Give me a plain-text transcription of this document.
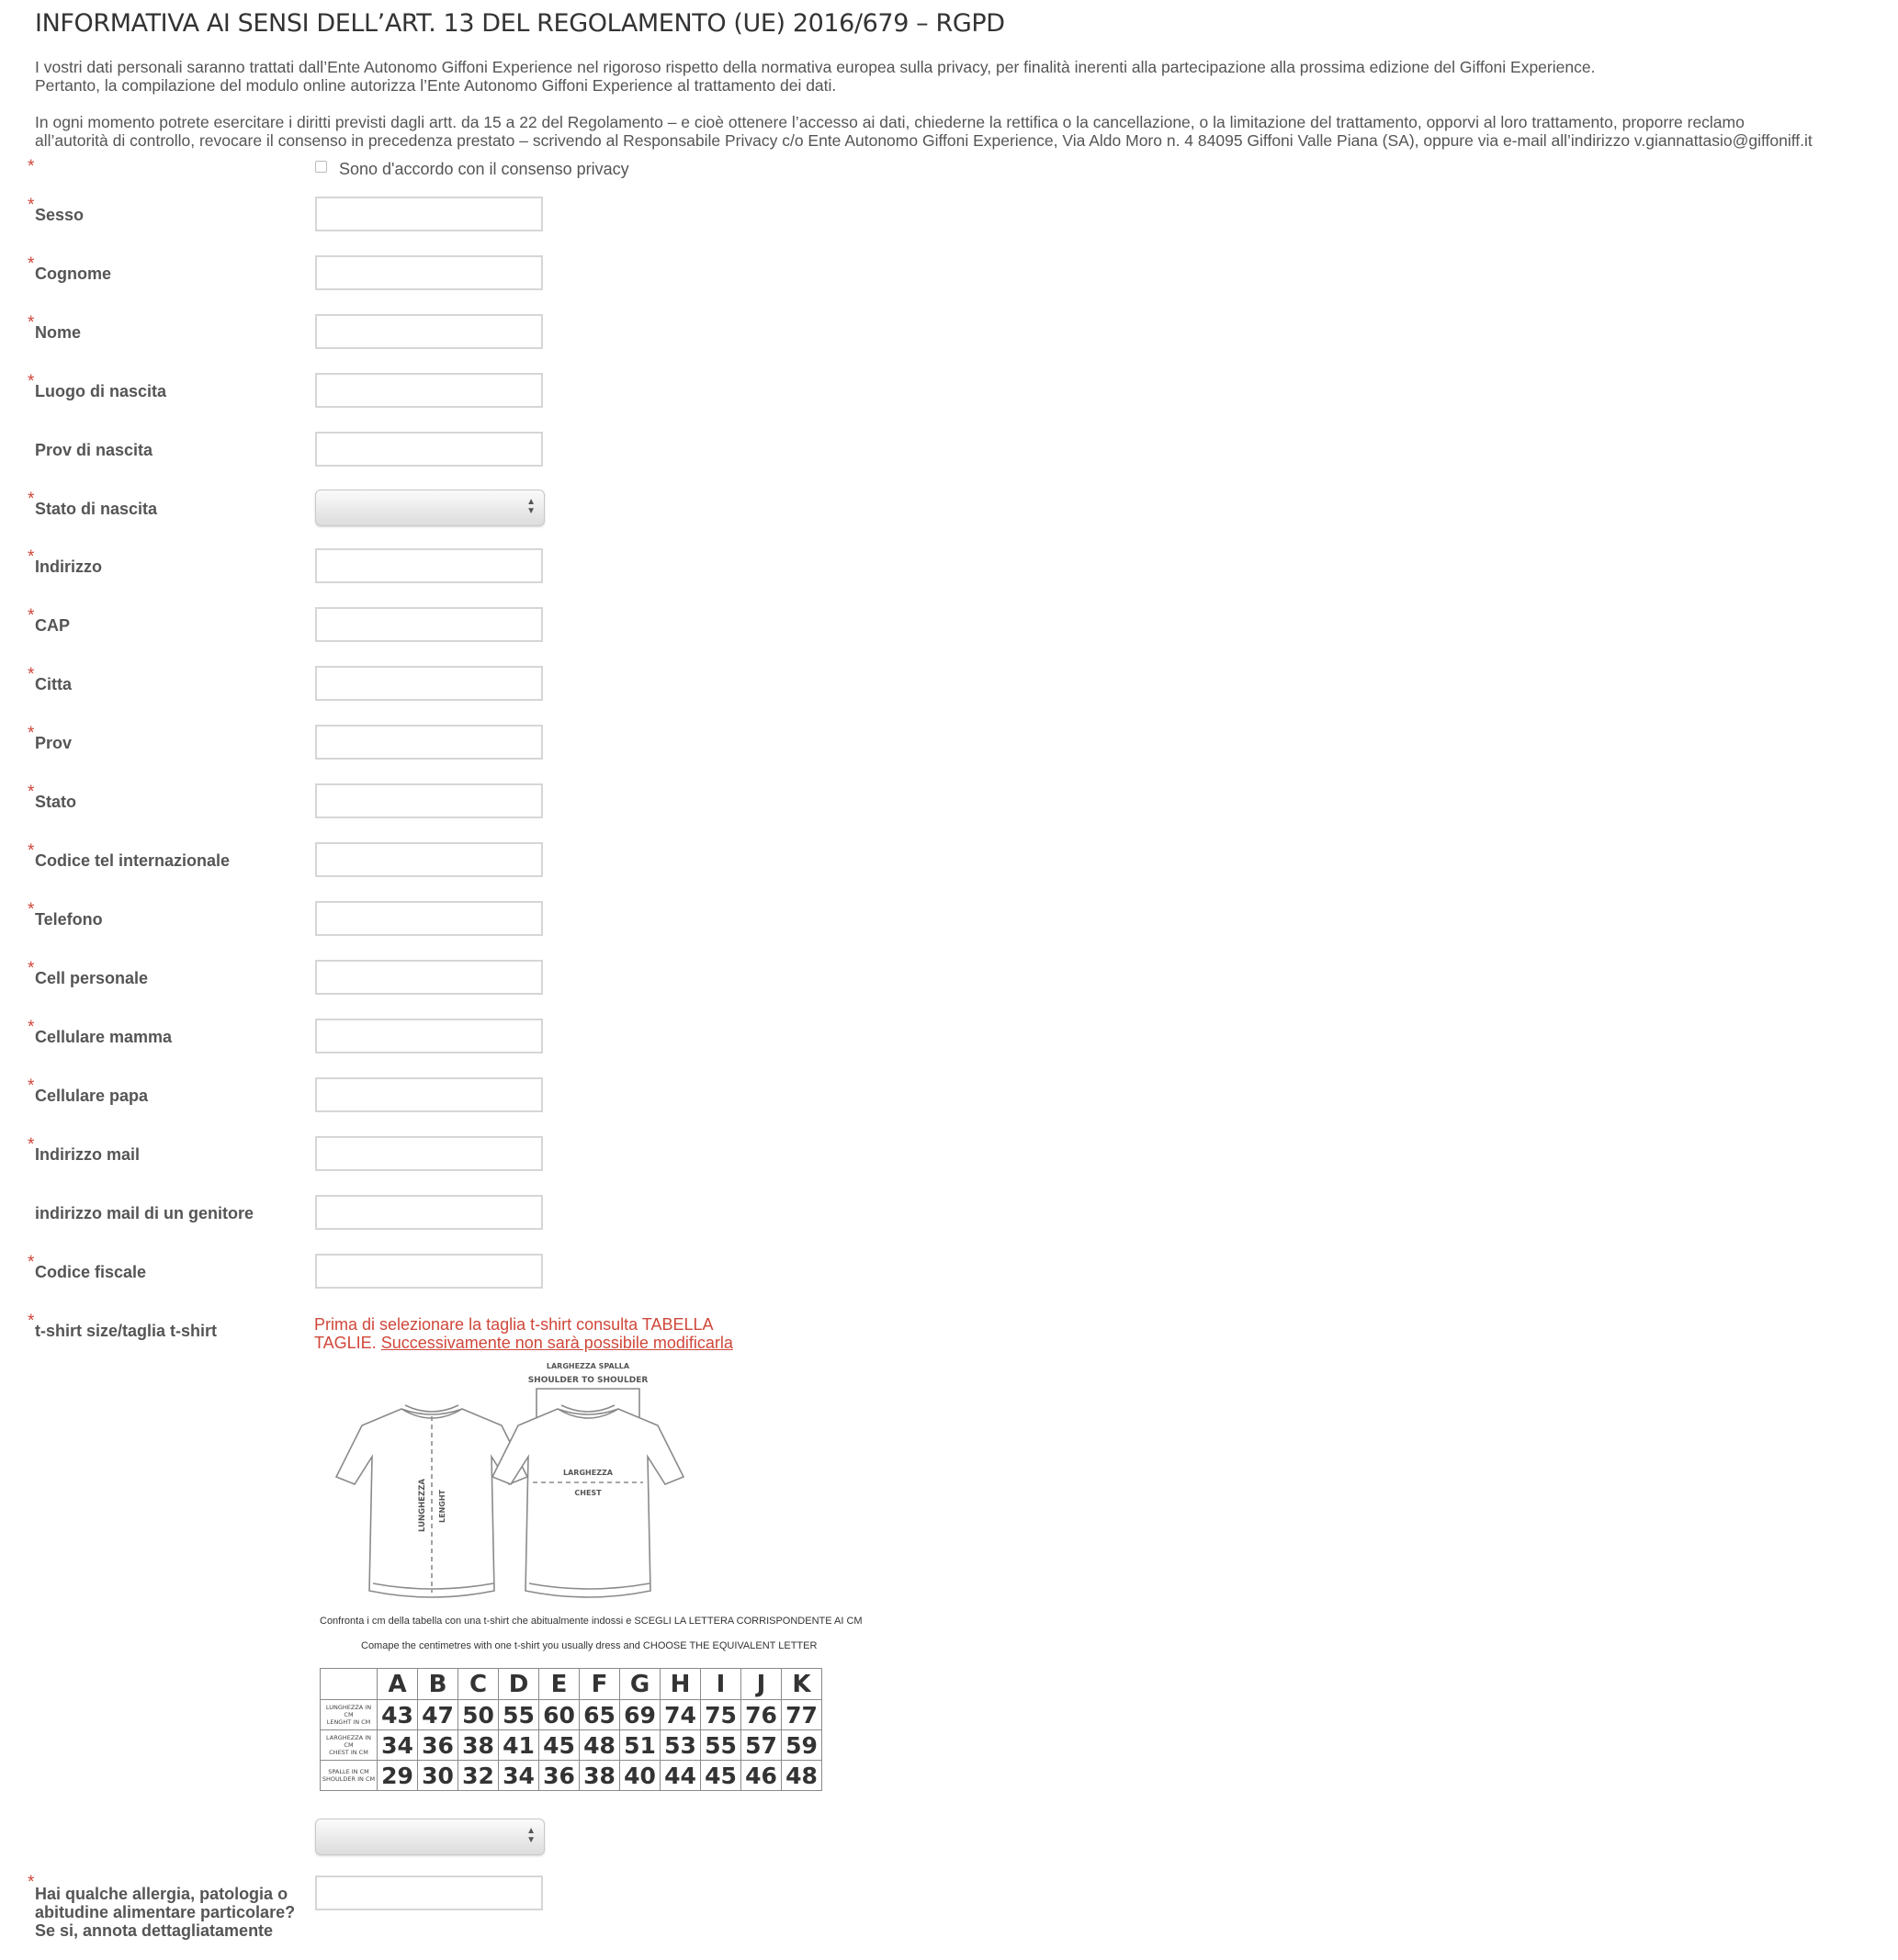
INFORMATIVA AI SENSI DELL’ART. 13 DEL REGOLAMENTO (UE) 2016/679 – RGPD

I vostri dati personali saranno trattati dall’Ente Autonomo Giffoni Experience nel rigoroso rispetto della normativa europea sulla privacy, per finalità inerenti alla partecipazione alla prossima edizione del Giffoni Experience.

Pertanto, la compilazione del modulo online autorizza l’Ente Autonomo Giffoni Experience al trattamento dei dati.

In ogni momento potrete esercitare i diritti previsti dagli artt. da 15 a 22 del Regolamento – e cioè ottenere l’accesso ai dati, chiederne la rettifica o la cancellazione, o la limitazione del trattamento, opporvi al loro trattamento, proporre reclamo

all’autorità di controllo, revocare il consenso in precedenza prestato – scrivendo al Responsabile Privacy c/o Ente Autonomo Giffoni Experience, Via Aldo Moro n. 4 84095 Giffoni Valle Piana (SA), oppure via e-mail all’indirizzo v.giannattasio@giffoniff.it

*	Sono d'accordo con il consenso privacy
* Sesso
* Cognome
* Nome
* Luogo di nascita
Prov di nascita
* Stato di nascita	▲
▼
* Indirizzo
* CAP
* Citta
* Prov
* Stato
* Codice tel internazionale
* Telefono
* Cell personale
* Cellulare mamma
* Cellulare papa
* Indirizzo mail
indirizzo mail di un genitore
* Codice fiscale
* t-shirt size/taglia t-shirt	Prima di selezionare la taglia t-shirt consulta TABELLA TAGLIE. Successivamente non sarà possibile modificarla
LUNGHEZZA LENGHT
LARGHEZZA SPALLA
SHOULDER TO SHOULDER
LARGHEZZA
CHEST
Confronta i cm della tabella con una t-shirt che abitualmente indossi e SCEGLI LA LETTERA CORRISPONDENTE AI CM
Comape the centimetres with one t-shirt you usually dress and CHOOSE THE EQUIVALENT LETTER
	A	B	C	D	E	F	G	H	I	J	K
LUNGHEZZA IN CM
LENGHT IN CM	43	47	50	55	60	65	69	74	75	76	77
LARGHEZZA IN CM
CHEST IN CM	34	36	38	41	45	48	51	53	55	57	59
SPALLE IN CM
SHOULDER IN CM	29	30	32	34	36	38	40	44	45	46	48
▲
▼
*
Hai qualche allergia, patologia o abitudine alimentare particolare? Se si, annota dettagliatamente
